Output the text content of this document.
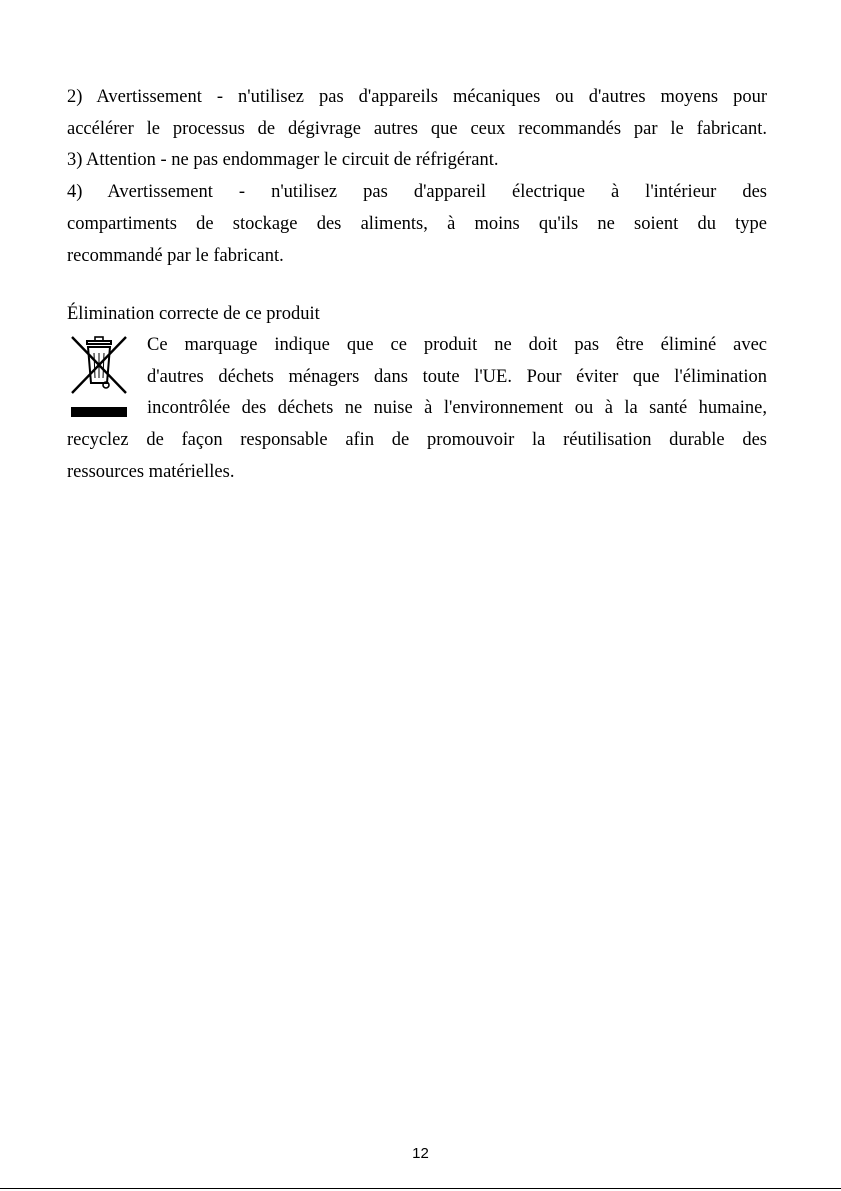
2) Avertissement - n'utilisez pas d'appareils mécaniques ou d'autres moyens pour
accélérer le processus de dégivrage autres que ceux recommandés par le fabricant.
3) Attention - ne pas endommager le circuit de réfrigérant.
4) Avertissement - n'utilisez pas d'appareil électrique à l'intérieur des
compartiments de stockage des aliments, à moins qu'ils ne soient du type
recommandé par le fabricant.
Élimination correcte de ce produit
Ce marquage indique que ce produit ne doit pas être éliminé avec
d'autres déchets ménagers dans toute l'UE. Pour éviter que l'élimination
incontrôlée des déchets ne nuise à l'environnement ou à la santé humaine,
recyclez de façon responsable afin de promouvoir la réutilisation durable des
ressources matérielles.
12
